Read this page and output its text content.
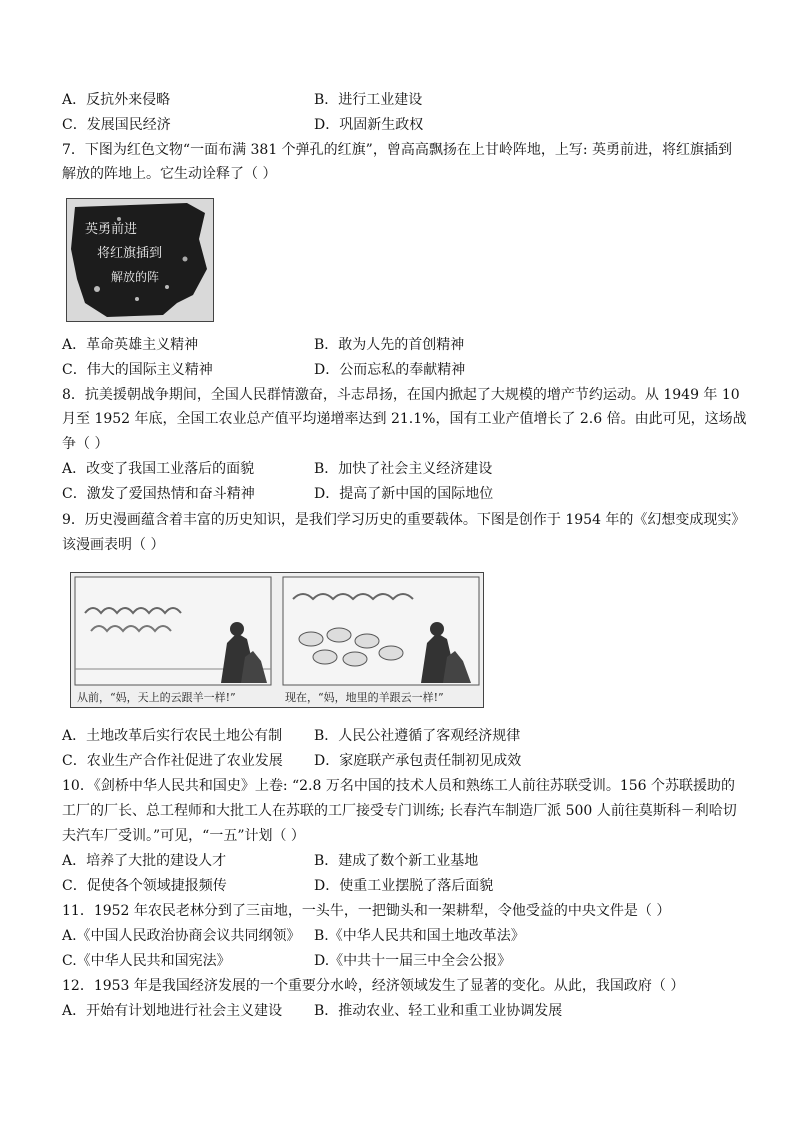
A．反抗外来侵略	B．进行工业建设
C．发展国民经济	D．巩固新生政权
7．下图为红色文物“一面布满 381 个弹孔的红旗”，曾高高飘扬在上甘岭阵地，上写: 英勇前进，将红旗插到
解放的阵地上。它生动诠释了（ ）
英勇前进
将红旗插到
解放的阵
A．革命英雄主义精神	B．敢为人先的首创精神
C．伟大的国际主义精神	D．公而忘私的奉献精神
8．抗美援朝战争期间，全国人民群情激奋，斗志昂扬，在国内掀起了大规模的增产节约运动。从 1949 年 10
月至 1952 年底，全国工农业总产值平均递增率达到 21.1%，国有工业产值增长了 2.6 倍。由此可见，这场战
争（ ）
A．改变了我国工业落后的面貌	B．加快了社会主义经济建设
C．激发了爱国热情和奋斗精神	D．提高了新中国的国际地位
9．历史漫画蕴含着丰富的历史知识，是我们学习历史的重要载体。下图是创作于 1954 年的《幻想变成现实》
该漫画表明（ ）
从前，“妈，天上的云跟羊一样!”	现在，“妈，地里的羊跟云一样!”
A．土地改革后实行农民土地公有制 B．人民公社遵循了客观经济规律
C．农业生产合作社促进了农业发展 D．家庭联产承包责任制初见成效
10．《剑桥中华人民共和国史》上卷: “2.8 万名中国的技术人员和熟练工人前往苏联受训。156 个苏联援助的
工厂的厂长、总工程师和大批工人在苏联的工厂接受专门训练; 长春汽车制造厂派 500 人前往莫斯科－利哈切
夫汽车厂受训。”可见，“一五”计划（ ）
A．培养了大批的建设人才	B．建成了数个新工业基地
C．促使各个领域捷报频传	D．使重工业摆脱了落后面貌
11．1952 年农民老林分到了三亩地，一头牛，一把锄头和一架耕犁，令他受益的中央文件是（ ）
A.《中国人民政治协商会议共同纲领》 B.《中华人民共和国土地改革法》
C.《中华人民共和国宪法》	D.《中共十一届三中全会公报》
12．1953 年是我国经济发展的一个重要分水岭，经济领域发生了显著的变化。从此，我国政府（ ）
A．开始有计划地进行社会主义建设 B．推动农业、轻工业和重工业协调发展
